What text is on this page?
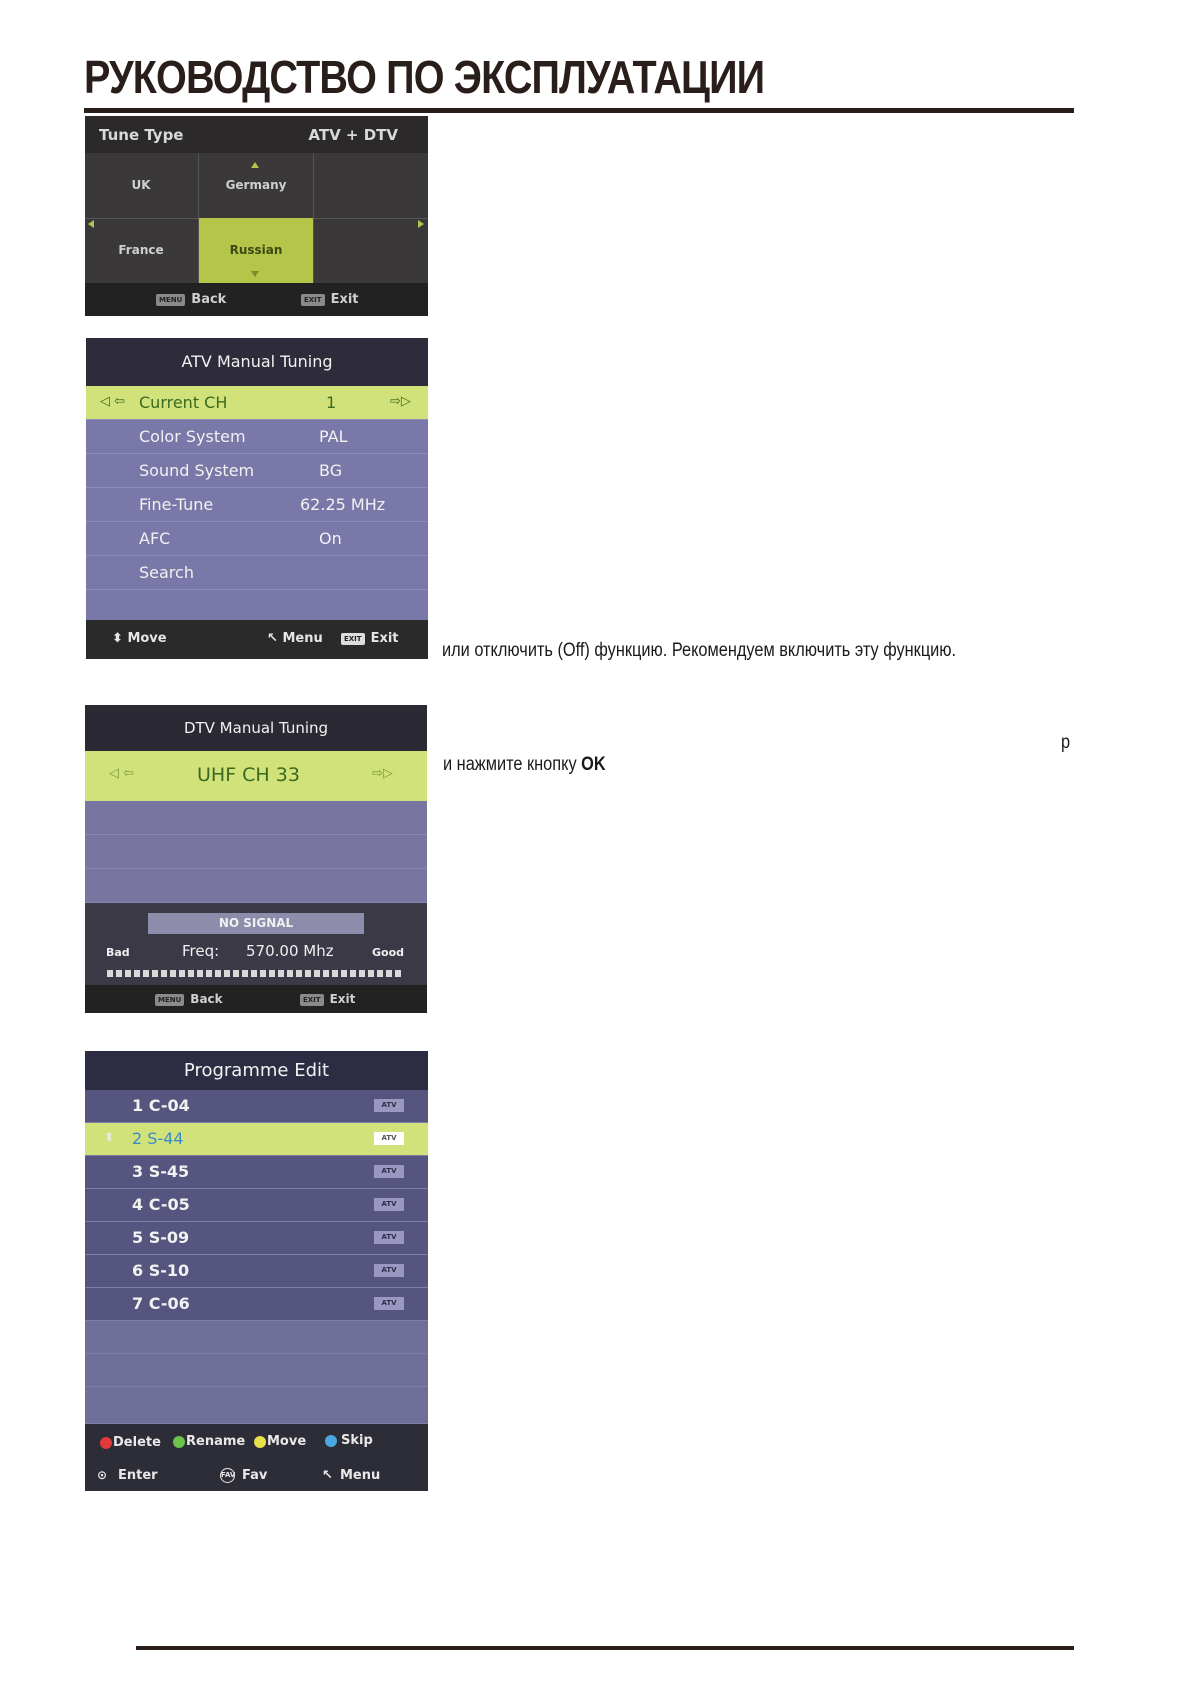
РУКОВОДСТВО ПО ЭКСПЛУАТАЦИИ
Tune Type	ATV + DTV
UK	Germany
France	Russian
MENU Back	EXIT Exit
ATV Manual Tuning
◁ ⇦ Current CH	1	⇨▷
Color System	PAL
Sound System	BG
Fine-Tune	62.25 MHz
AFC	On
Search
⬍ Move	↖ Menu	EXIT Exit
или отключить (Off) функцию. Рекомендуем включить эту функцию.
DTV Manual Tuning
◁ ⇦	UHF CH 33	⇨▷
NO SIGNAL
Bad	Freq: 570.00 Mhz	Good
MENU Back	EXIT Exit
р
и нажмите кнопку OK
Programme Edit
1 C-04	ATV
⬍ 2 S-44	ATV
3 S-45	ATV
4 C-05	ATV
5 S-09	ATV
6 S-10	ATV
7 C-06	ATV
Delete Rename Move	Skip
⊙ Enter	FAV Fav	↖ Menu
